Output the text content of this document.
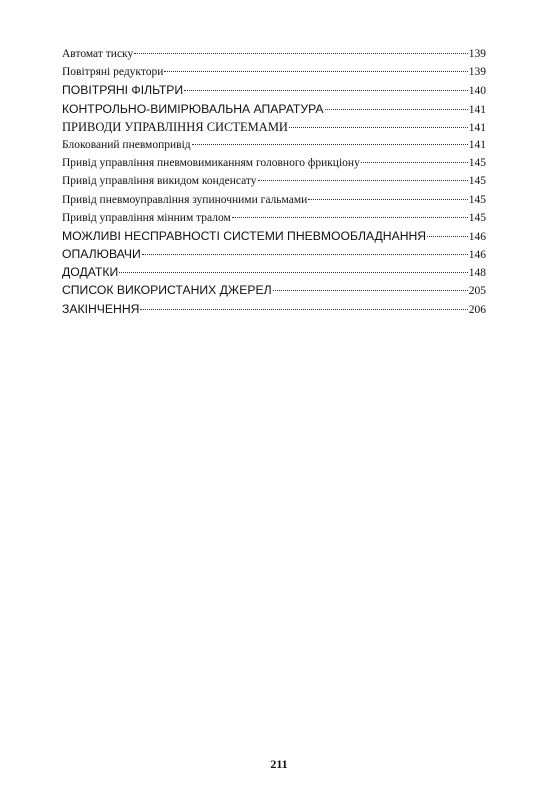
Автомат тиску	139
Повітряні редуктори	139
ПОВІТРЯНІ ФІЛЬТРИ	140
КОНТРОЛЬНО-ВИМІРЮВАЛЬНА АПАРАТУРА	141
ПРИВОДИ УПРАВЛІННЯ СИСТЕМАМИ	141
Блокований пневмопривід	141
Привід управління пневмовимиканням головного фрикціону	145
Привід управління викидом конденсату	145
Привід пневмоуправління зупиночними гальмами	145
Привід управління мінним тралом	145
МОЖЛИВІ НЕСПРАВНОСТІ СИСТЕМИ ПНЕВМООБЛАДНАННЯ	146
ОПАЛЮВАЧИ	146
ДОДАТКИ	148
СПИСОК ВИКОРИСТАНИХ ДЖЕРЕЛ	205
ЗАКІНЧЕННЯ	206
211
